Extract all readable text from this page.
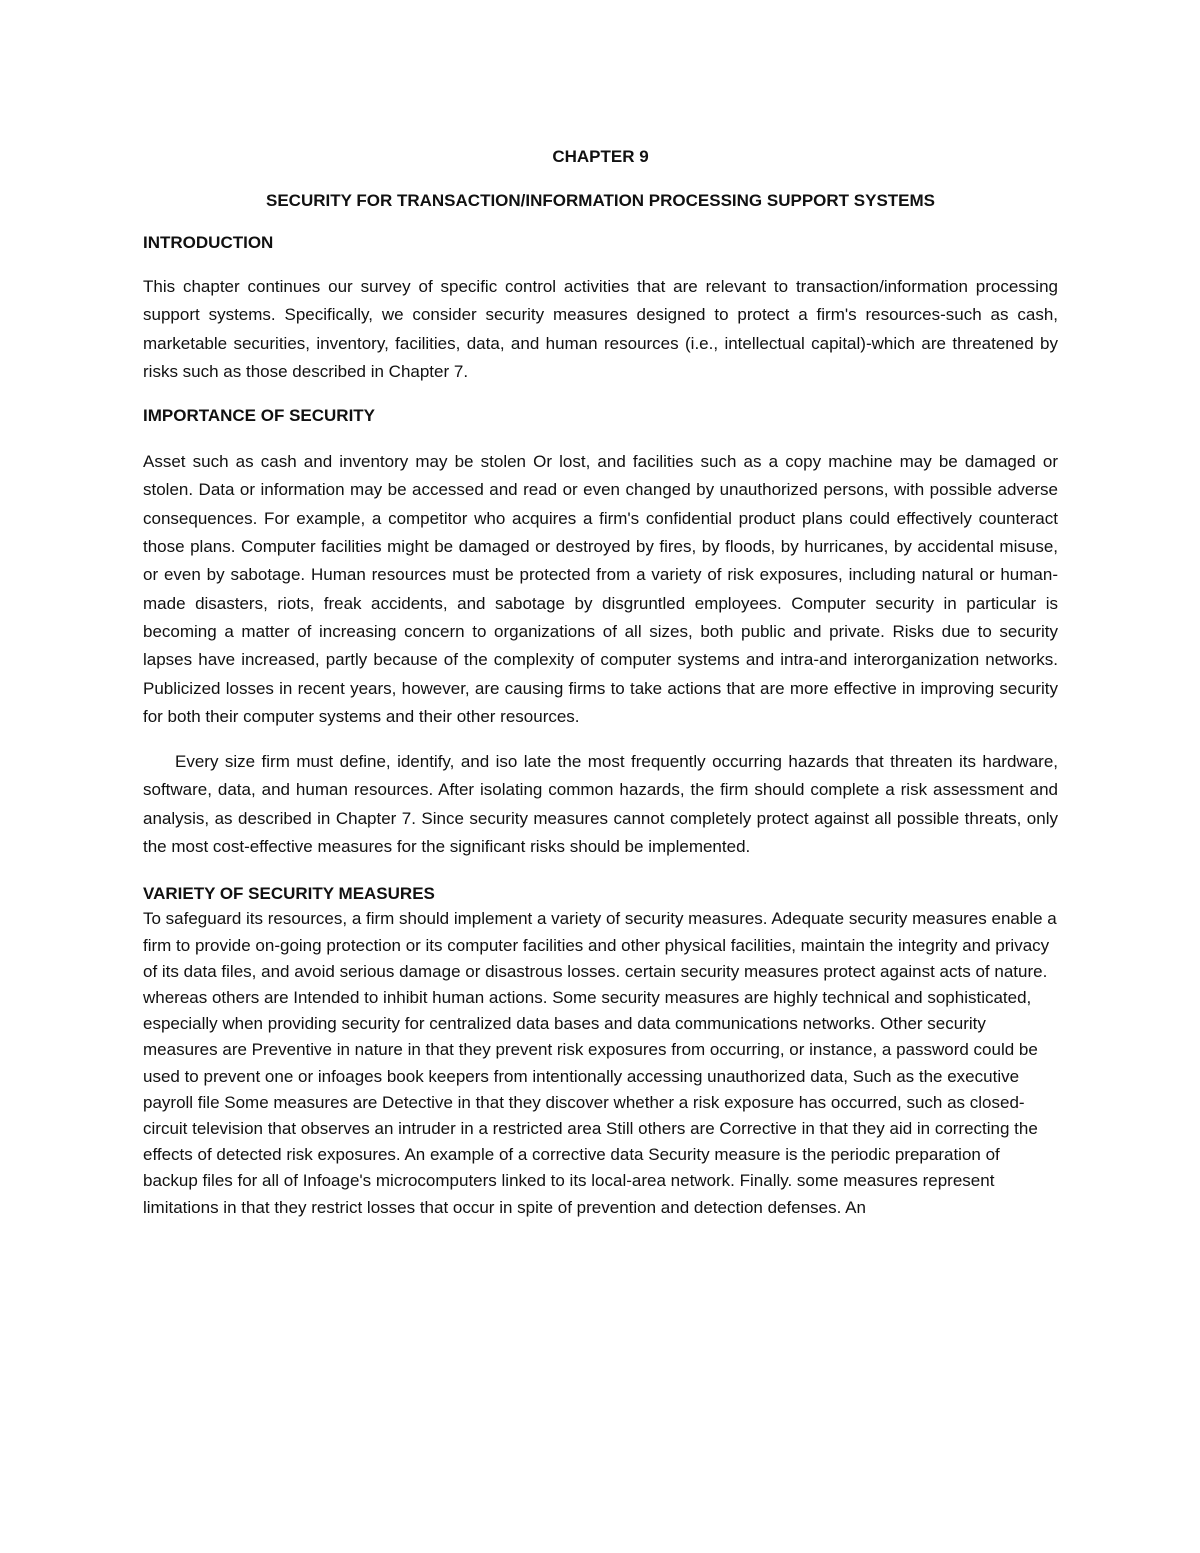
CHAPTER 9

SECURITY FOR TRANSACTION/INFORMATION PROCESSING SUPPORT SYSTEMS

INTRODUCTION

This chapter continues our survey of specific control activities that are relevant to transaction/information processing support systems. Specifically, we consider security measures designed to protect a firm's resources-such as cash, marketable securities, inventory, facilities, data, and human resources (i.e., intellectual capital)-which are threatened by risks such as those described in Chapter 7.

IMPORTANCE OF SECURITY

Asset such as cash and inventory may be stolen Or lost, and facilities such as a copy machine may be damaged or stolen. Data or information may be accessed and read or even changed by unauthorized persons, with possible adverse consequences. For example, a competitor who acquires a firm's confidential product plans could effectively counteract those plans. Computer facilities might be damaged or destroyed by fires, by floods, by hurricanes, by accidental misuse, or even by sabotage. Human resources must be protected from a variety of risk exposures, including natural or human-made disasters, riots, freak accidents, and sabotage by disgruntled employees. Computer security in particular is becoming a matter of increasing concern to organizations of all sizes, both public and private. Risks due to security lapses have increased, partly because of the complexity of computer systems and intra-and interorganization networks. Publicized losses in recent years, however, are causing firms to take actions that are more effective in improving security for both their computer systems and their other resources.

Every size firm must define, identify, and iso late the most frequently occurring hazards that threaten its hardware, software, data, and human resources. After isolating common hazards, the firm should complete a risk assessment and analysis, as described in Chapter 7. Since security measures cannot completely protect against all possible threats, only the most cost-effective measures for the significant risks should be implemented.

VARIETY OF SECURITY MEASURES

To safeguard its resources, a firm should implement a variety of security measures. Adequate security measures enable a firm to provide on-going protection or its computer facilities and other physical facilities, maintain the integrity and privacy of its data files, and avoid serious damage or disastrous losses. certain security measures protect against acts of nature. whereas others are Intended to inhibit human actions. Some security measures are highly technical and sophisticated, especially when providing security for centralized data bases and data communications networks. Other security measures are Preventive in nature in that they prevent risk exposures from occurring, or instance, a password could be used to prevent one or infoages book keepers from intentionally accessing unauthorized data, Such as the executive payroll file Some measures are Detective in that they discover whether a risk exposure has occurred, such as closed-circuit television that observes an intruder in a restricted area Still others are Corrective in that they aid in correcting the effects of detected risk exposures. An example of a corrective data Security measure is the periodic preparation of backup files for all of Infoage's microcomputers linked to its local-area network. Finally. some measures represent limitations in that they restrict losses that occur in spite of prevention and detection defenses. An
